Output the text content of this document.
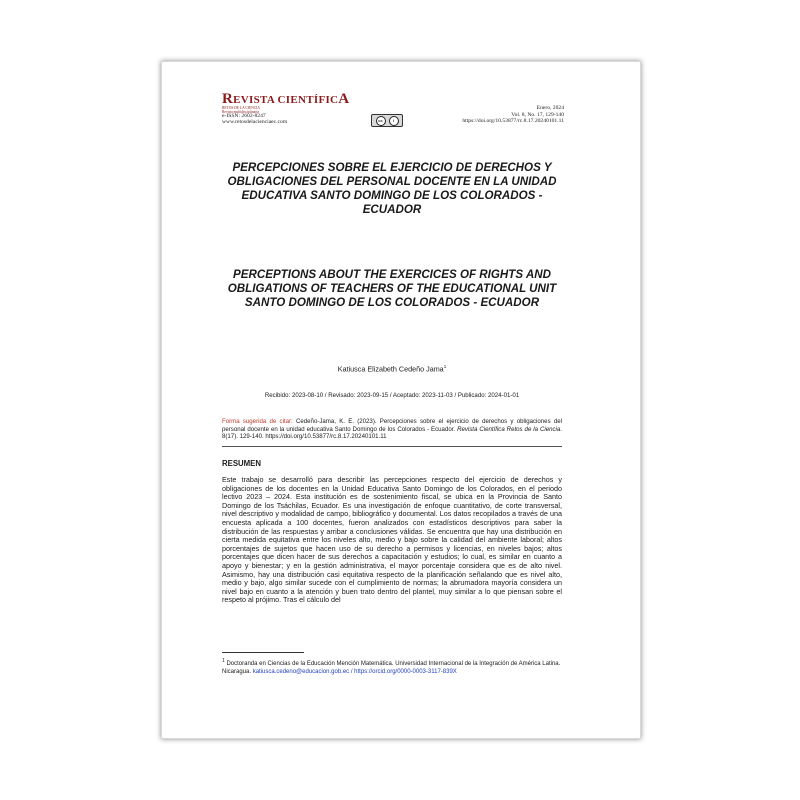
REVISTA CIENTÍFICA
RETOS DE LA CIENCIA
Revista multidisciplinaria
e-ISSN: 2602-8247
www.retosdelacienciaec.com	cc	i
Enero, 2024
Vol. 8, No. 17, 129-140
https://doi.org/10.53877/rc.8.17.20240101.11
PERCEPCIONES SOBRE EL EJERCICIO DE DERECHOS Y OBLIGACIONES DEL PERSONAL DOCENTE EN LA UNIDAD EDUCATIVA SANTO DOMINGO DE LOS COLORADOS - ECUADOR
PERCEPTIONS ABOUT THE EXERCICES OF RIGHTS AND OBLIGATIONS OF TEACHERS OF THE EDUCATIONAL UNIT SANTO DOMINGO DE LOS COLORADOS - ECUADOR
Katiusca Elizabeth Cedeño Jama$^1$
Recibido: 2023-08-10 / Revisado: 2023-09-15 / Aceptado: 2023-11-03 / Publicado: 2024-01-01
Forma sugerida de citar: Cedeño-Jama, K. E. (2023). Percepciones sobre el ejercicio de derechos y obligaciones del personal docente en la unidad educativa Santo Domingo de los Colorados - Ecuador. Revista Científica Retos de la Ciencia. 8(17). 129-140. https://doi.org/10.53877/rc.8.17.20240101.11
RESUMEN
Este trabajo se desarrolló para describir las percepciones respecto del ejercicio de derechos y obligaciones de los docentes en la Unidad Educativa Santo Domingo de los Colorados, en el periodo lectivo 2023 – 2024. Esta institución es de sostenimiento fiscal, se ubica en la Provincia de Santo Domingo de los Tsáchilas, Ecuador. Es una investigación de enfoque cuantitativo, de corte transversal, nivel descriptivo y modalidad de campo, bibliográfico y documental. Los datos recopilados a través de una encuesta aplicada a 100 docentes, fueron analizados con estadísticos descriptivos para saber la distribución de las respuestas y arribar a conclusiones válidas. Se encuentra que hay una distribución en cierta medida equitativa entre los niveles alto, medio y bajo sobre la calidad del ambiente laboral; altos porcentajes de sujetos que hacen uso de su derecho a permisos y licencias, en niveles bajos; altos porcentajes que dicen hacer de sus derechos a capacitación y estudios; lo cual, es similar en cuanto a apoyo y bienestar; y en la gestión administrativa, el mayor porcentaje considera que es de alto nivel. Asimismo, hay una distribución casi equitativa respecto de la planificación señalando que es nivel alto, medio y bajo, algo similar sucede con el cumplimiento de normas; la abrumadora mayoría considera un nivel bajo en cuanto a la atención y buen trato dentro del plantel, muy similar a lo que piensan sobre el respeto al prójimo. Tras el cálculo del
$^1$ Doctoranda en Ciencias de la Educación Mención Matemática. Universidad Internacional de la Integración de América Latina. Nicaragua. katiusca.cedeno@educacion.gob.ec / https://orcid.org/0000-0003-3117-839X
